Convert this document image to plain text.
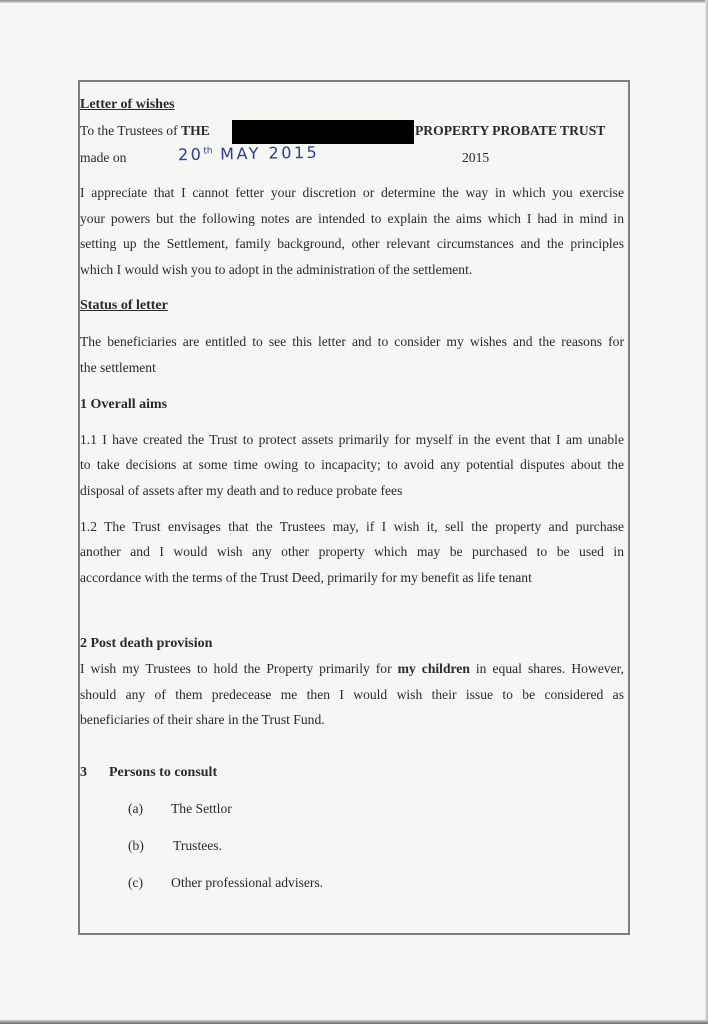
Letter of wishes
To the Trustees of THE	PROPERTY PROBATE TRUST
made on	20th MAY 2015	2015
I appreciate that I cannot fetter your discretion or determine the way in which you exercise
your powers but the following notes are intended to explain the aims which I had in mind in
setting up the Settlement, family background, other relevant circumstances and the principles
which I would wish you to adopt in the administration of the settlement.
Status of letter
The beneficiaries are entitled to see this letter and to consider my wishes and the reasons for
the settlement
1 Overall aims
1.1 I have created the Trust to protect assets primarily for myself in the event that I am unable
to take decisions at some time owing to incapacity; to avoid any potential disputes about the
disposal of assets after my death and to reduce probate fees
1.2 The Trust envisages that the Trustees may, if I wish it, sell the property and purchase
another and I would wish any other property which may be purchased to be used in
accordance with the terms of the Trust Deed, primarily for my benefit as life tenant
2 Post death provision
I wish my Trustees to hold the Property primarily for my children in equal shares. However,
should any of them predecease me then I would wish their issue to be considered as
beneficiaries of their share in the Trust Fund.
3 Persons to consult
(a) The Settlor
(b) Trustees.
(c) Other professional advisers.
